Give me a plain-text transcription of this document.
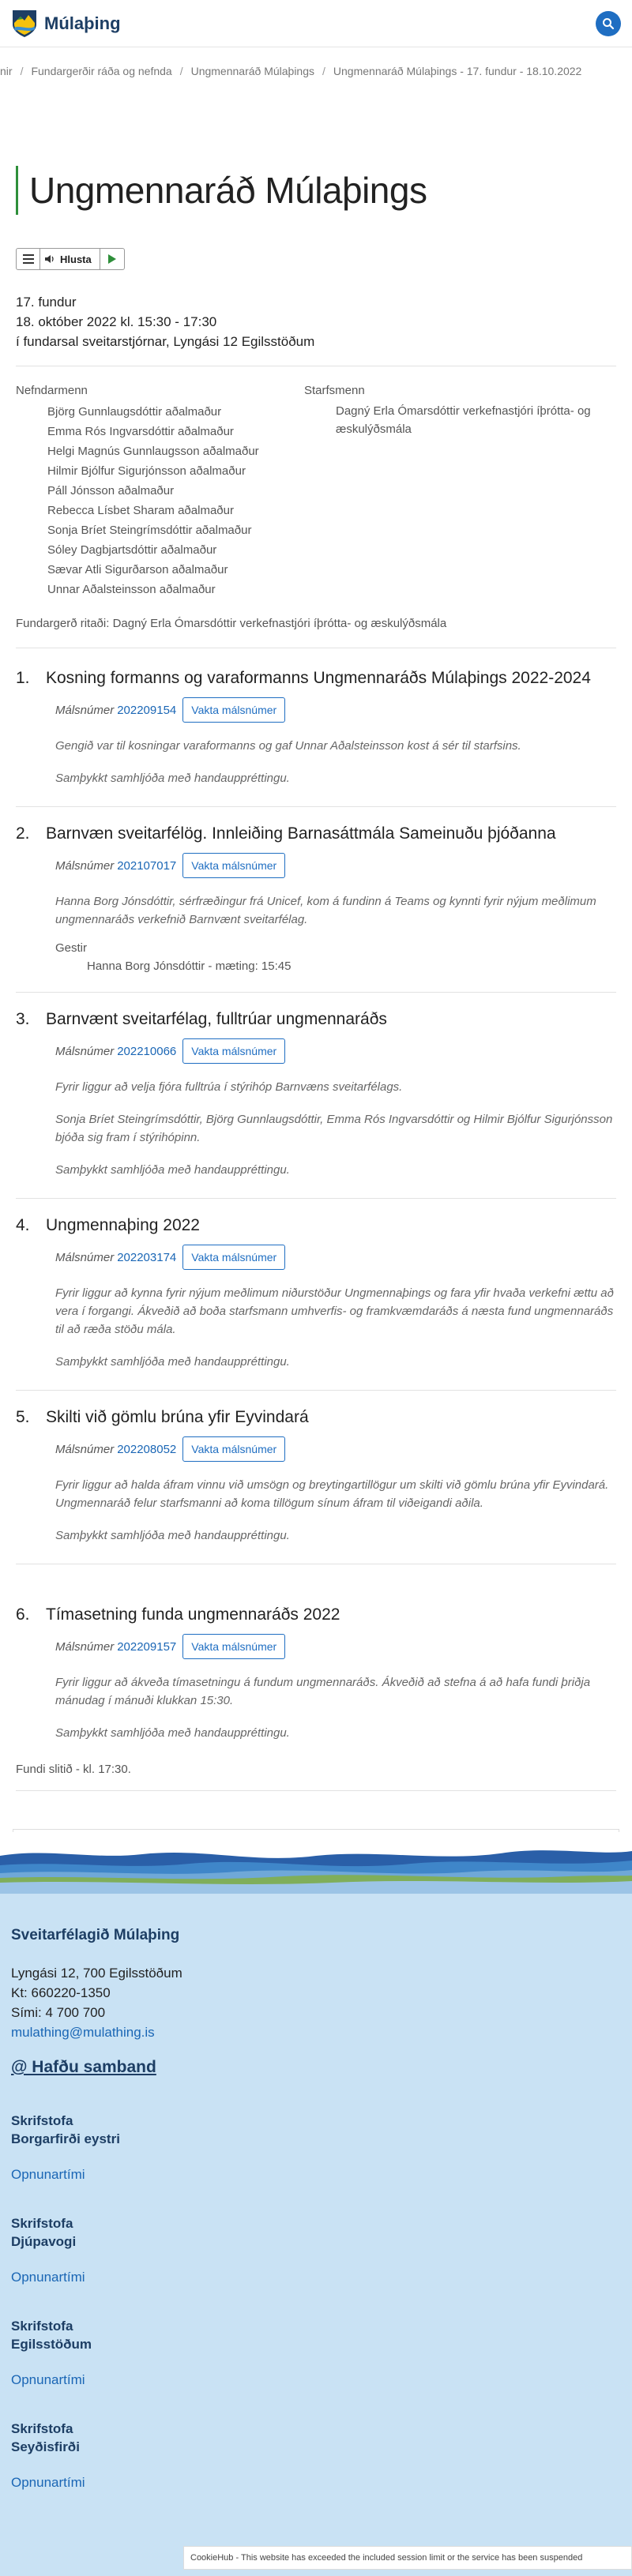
Múlaþing
nir / Fundargerðir ráða og nefnda / Ungmennaráð Múlaþings / Ungmennaráð Múlaþings - 17. fundur - 18.10.2022
Ungmennaráð Múlaþings
Hlusta
17. fundur
18. október 2022 kl. 15:30 - 17:30
í fundarsal sveitarstjórnar, Lyngási 12 Egilsstöðum
Nefndarmenn
Björg Gunnlaugsdóttir aðalmaður
Emma Rós Ingvarsdóttir aðalmaður
Helgi Magnús Gunnlaugsson aðalmaður
Hilmir Bjólfur Sigurjónsson aðalmaður
Páll Jónsson aðalmaður
Rebecca Lísbet Sharam aðalmaður
Sonja Bríet Steingrímsdóttir aðalmaður
Sóley Dagbjartsdóttir aðalmaður
Sævar Atli Sigurðarson aðalmaður
Unnar Aðalsteinsson aðalmaður
Starfsmenn
Dagný Erla Ómarsdóttir verkefnastjóri íþrótta- og æskulýðsmála
Fundargerð ritaði: Dagný Erla Ómarsdóttir verkefnastjóri íþrótta- og æskulýðsmála
1. Kosning formanns og varaformanns Ungmennaráðs Múlaþings 2022-2024
Málsnúmer 202209154	Vakta málsnúmer

Gengið var til kosningar varaformanns og gaf Unnar Aðalsteinsson kost á sér til starfsins.

Samþykkt samhljóða með handauppréttingu.

2. Barnvæn sveitarfélög. Innleiðing Barnasáttmála Sameinuðu þjóðanna
Málsnúmer 202107017	Vakta málsnúmer

Hanna Borg Jónsdóttir, sérfræðingur frá Unicef, kom á fundinn á Teams og kynnti fyrir nýjum meðlimum ungmennaráðs verkefnið Barnvænt sveitarfélag.

Gestir
Hanna Borg Jónsdóttir - mæting: 15:45
3. Barnvænt sveitarfélag, fulltrúar ungmennaráðs
Málsnúmer 202210066	Vakta málsnúmer

Fyrir liggur að velja fjóra fulltrúa í stýrihóp Barnvæns sveitarfélags.

Sonja Bríet Steingrímsdóttir, Björg Gunnlaugsdóttir, Emma Rós Ingvarsdóttir og Hilmir Bjólfur Sigurjónsson bjóða sig fram í stýrihópinn.

Samþykkt samhljóða með handauppréttingu.

4. Ungmennaþing 2022
Málsnúmer 202203174	Vakta málsnúmer

Fyrir liggur að kynna fyrir nýjum meðlimum niðurstöður Ungmennaþings og fara yfir hvaða verkefni ættu að vera í forgangi. Ákveðið að boða starfsmann umhverfis- og framkvæmdaráðs á næsta fund ungmennaráðs til að ræða stöðu mála.

Samþykkt samhljóða með handauppréttingu.

5. Skilti við gömlu brúna yfir Eyvindará
Málsnúmer 202208052	Vakta málsnúmer

Fyrir liggur að halda áfram vinnu við umsögn og breytingartillögur um skilti við gömlu brúna yfir Eyvindará. Ungmennaráð felur starfsmanni að koma tillögum sínum áfram til viðeigandi aðila.

Samþykkt samhljóða með handauppréttingu.

6. Tímasetning funda ungmennaráðs 2022
Málsnúmer 202209157	Vakta málsnúmer

Fyrir liggur að ákveða tímasetningu á fundum ungmennaráðs. Ákveðið að stefna á að hafa fundi þriðja mánudag í mánuði klukkan 15:30.

Samþykkt samhljóða með handauppréttingu.

Fundi slitið - kl. 17:30.
Sveitarfélagið Múlaþing
Lyngási 12, 700 Egilsstöðum
Kt: 660220-1350
Sími: 4 700 700
mulathing@mulathing.is
@ Hafðu samband
Skrifstofa
Borgarfirði eystri
Opnunartími
Skrifstofa
Djúpavogi
Opnunartími
Skrifstofa
Egilsstöðum
Opnunartími
Skrifstofa
Seyðisfirði
Opnunartími
CookieHub - This website has exceeded the included session limit or the service has been suspended
